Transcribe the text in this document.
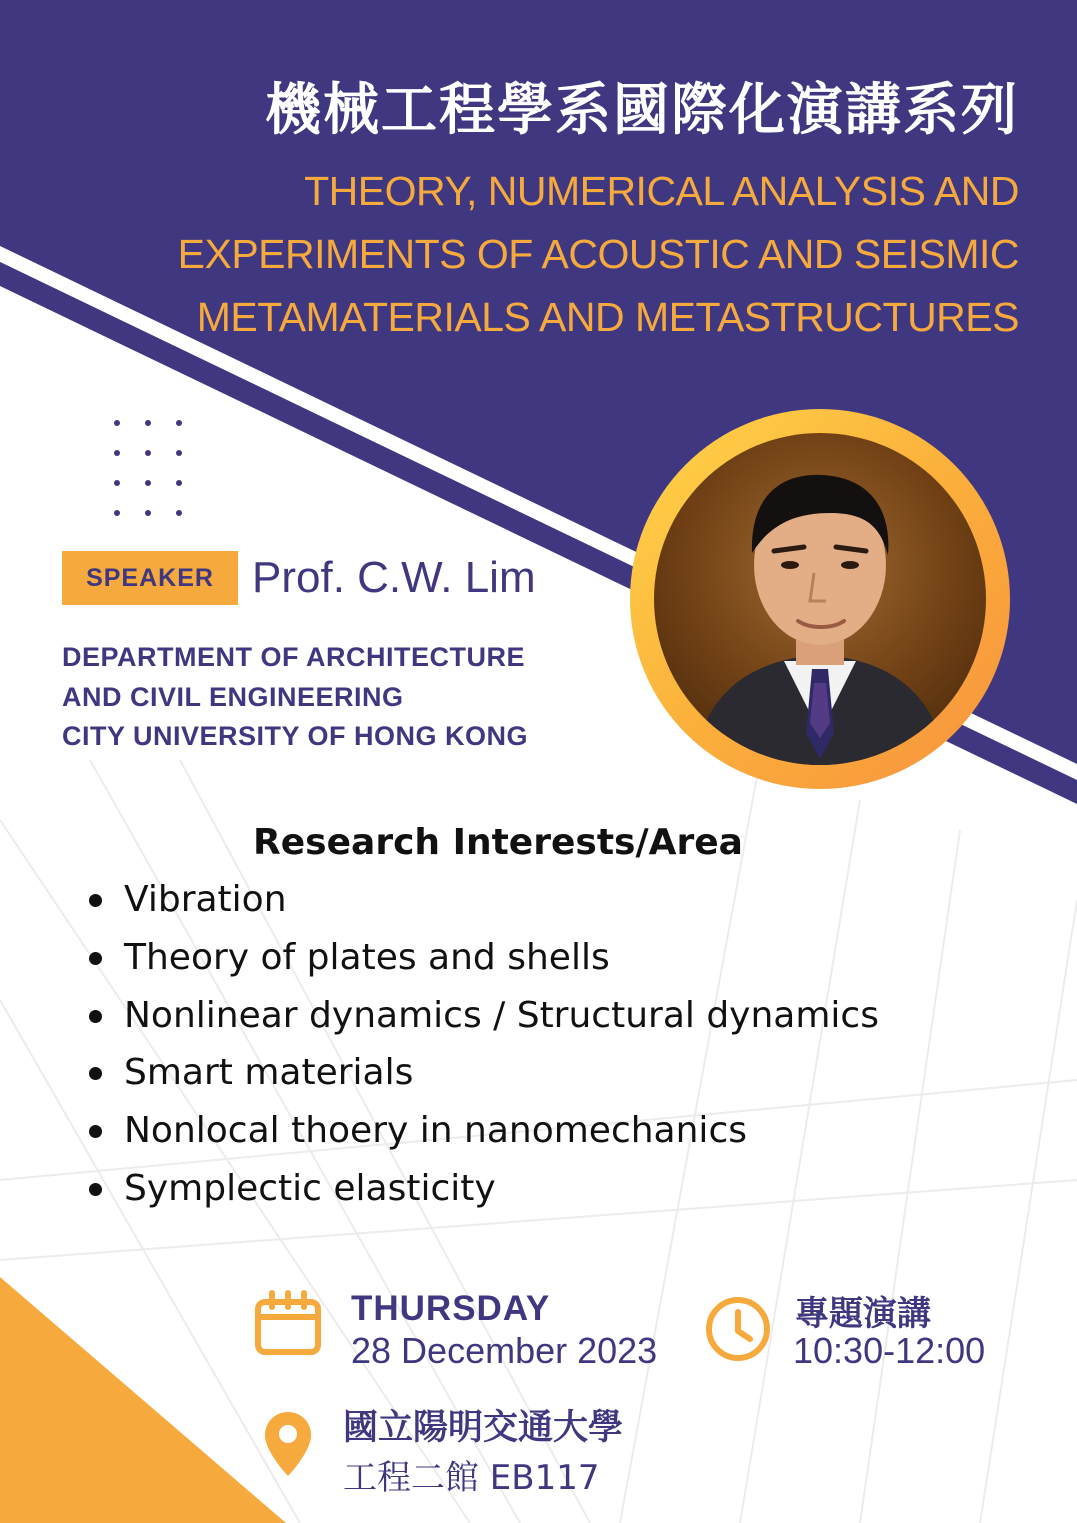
機械工程學系國際化演講系列
THEORY, NUMERICAL ANALYSIS AND
EXPERIMENTS OF ACOUSTIC AND SEISMIC
METAMATERIALS AND METASTRUCTURES
SPEAKER Prof. C.W. Lim
DEPARTMENT OF ARCHITECTURE
AND CIVIL ENGINEERING
CITY UNIVERSITY OF HONG KONG
Research Interests/Area
Vibration
Theory of plates and shells
Nonlinear dynamics / Structural dynamics
Smart materials
Nonlocal thoery in nanomechanics
Symplectic elasticity
THURSDAY
28 December 2023
專題演講
10:30-12:00
國立陽明交通大學
工程二館 EB117
